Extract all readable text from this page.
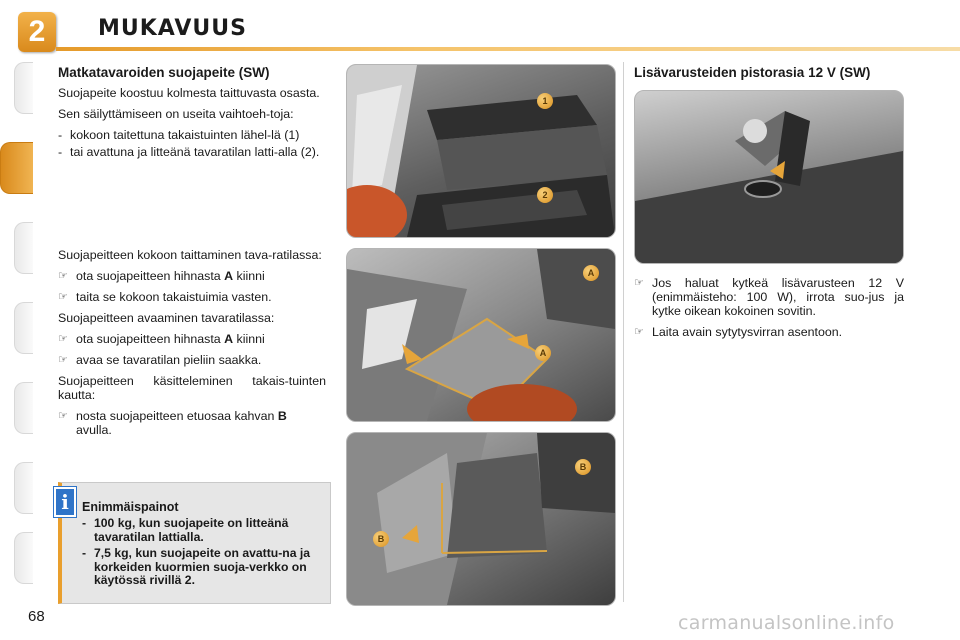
2	MUKAVUUS
Matkatavaroiden suojapeite (SW)

Suojapeite koostuu kolmesta taittuvasta osasta.

Sen säilyttämiseen on useita vaihtoeh-toja:

- kokoon taitettuna takaistuinten lähel-lä (1)
- tai avattuna ja litteänä tavaratilan latti-alla (2).

Suojapeitteen kokoon taittaminen tava-ratilassa:

☞ ota suojapeitteen hihnasta A kiinni
☞ taita se kokoon takaistuimia vasten.

Suojapeitteen avaaminen tavaratilassa:

☞ ota suojapeitteen hihnasta A kiinni
☞ avaa se tavaratilan pieliin saakka.

Suojapeitteen käsitteleminen takais-tuinten kautta:

☞ nosta suojapeitteen etuosaa kahvan B avulla.
i	Enimmäispainot
- 100 kg, kun suojapeite on litteänä tavaratilan lattialla.
- 7,5 kg, kun suojapeite on avattu-na ja korkeiden kuormien suoja-verkko on käytössä rivillä 2.
1
2
A
A
B
B
Lisävarusteiden pistorasia 12 V (SW)
☞ Jos haluat kytkeä lisävarusteen 12 V (enimmäisteho: 100 W), irrota suo-jus ja kytke oikean kokoinen sovitin.
☞ Laita avain sytytysvirran asentoon.
68	carmanualsonline.info
